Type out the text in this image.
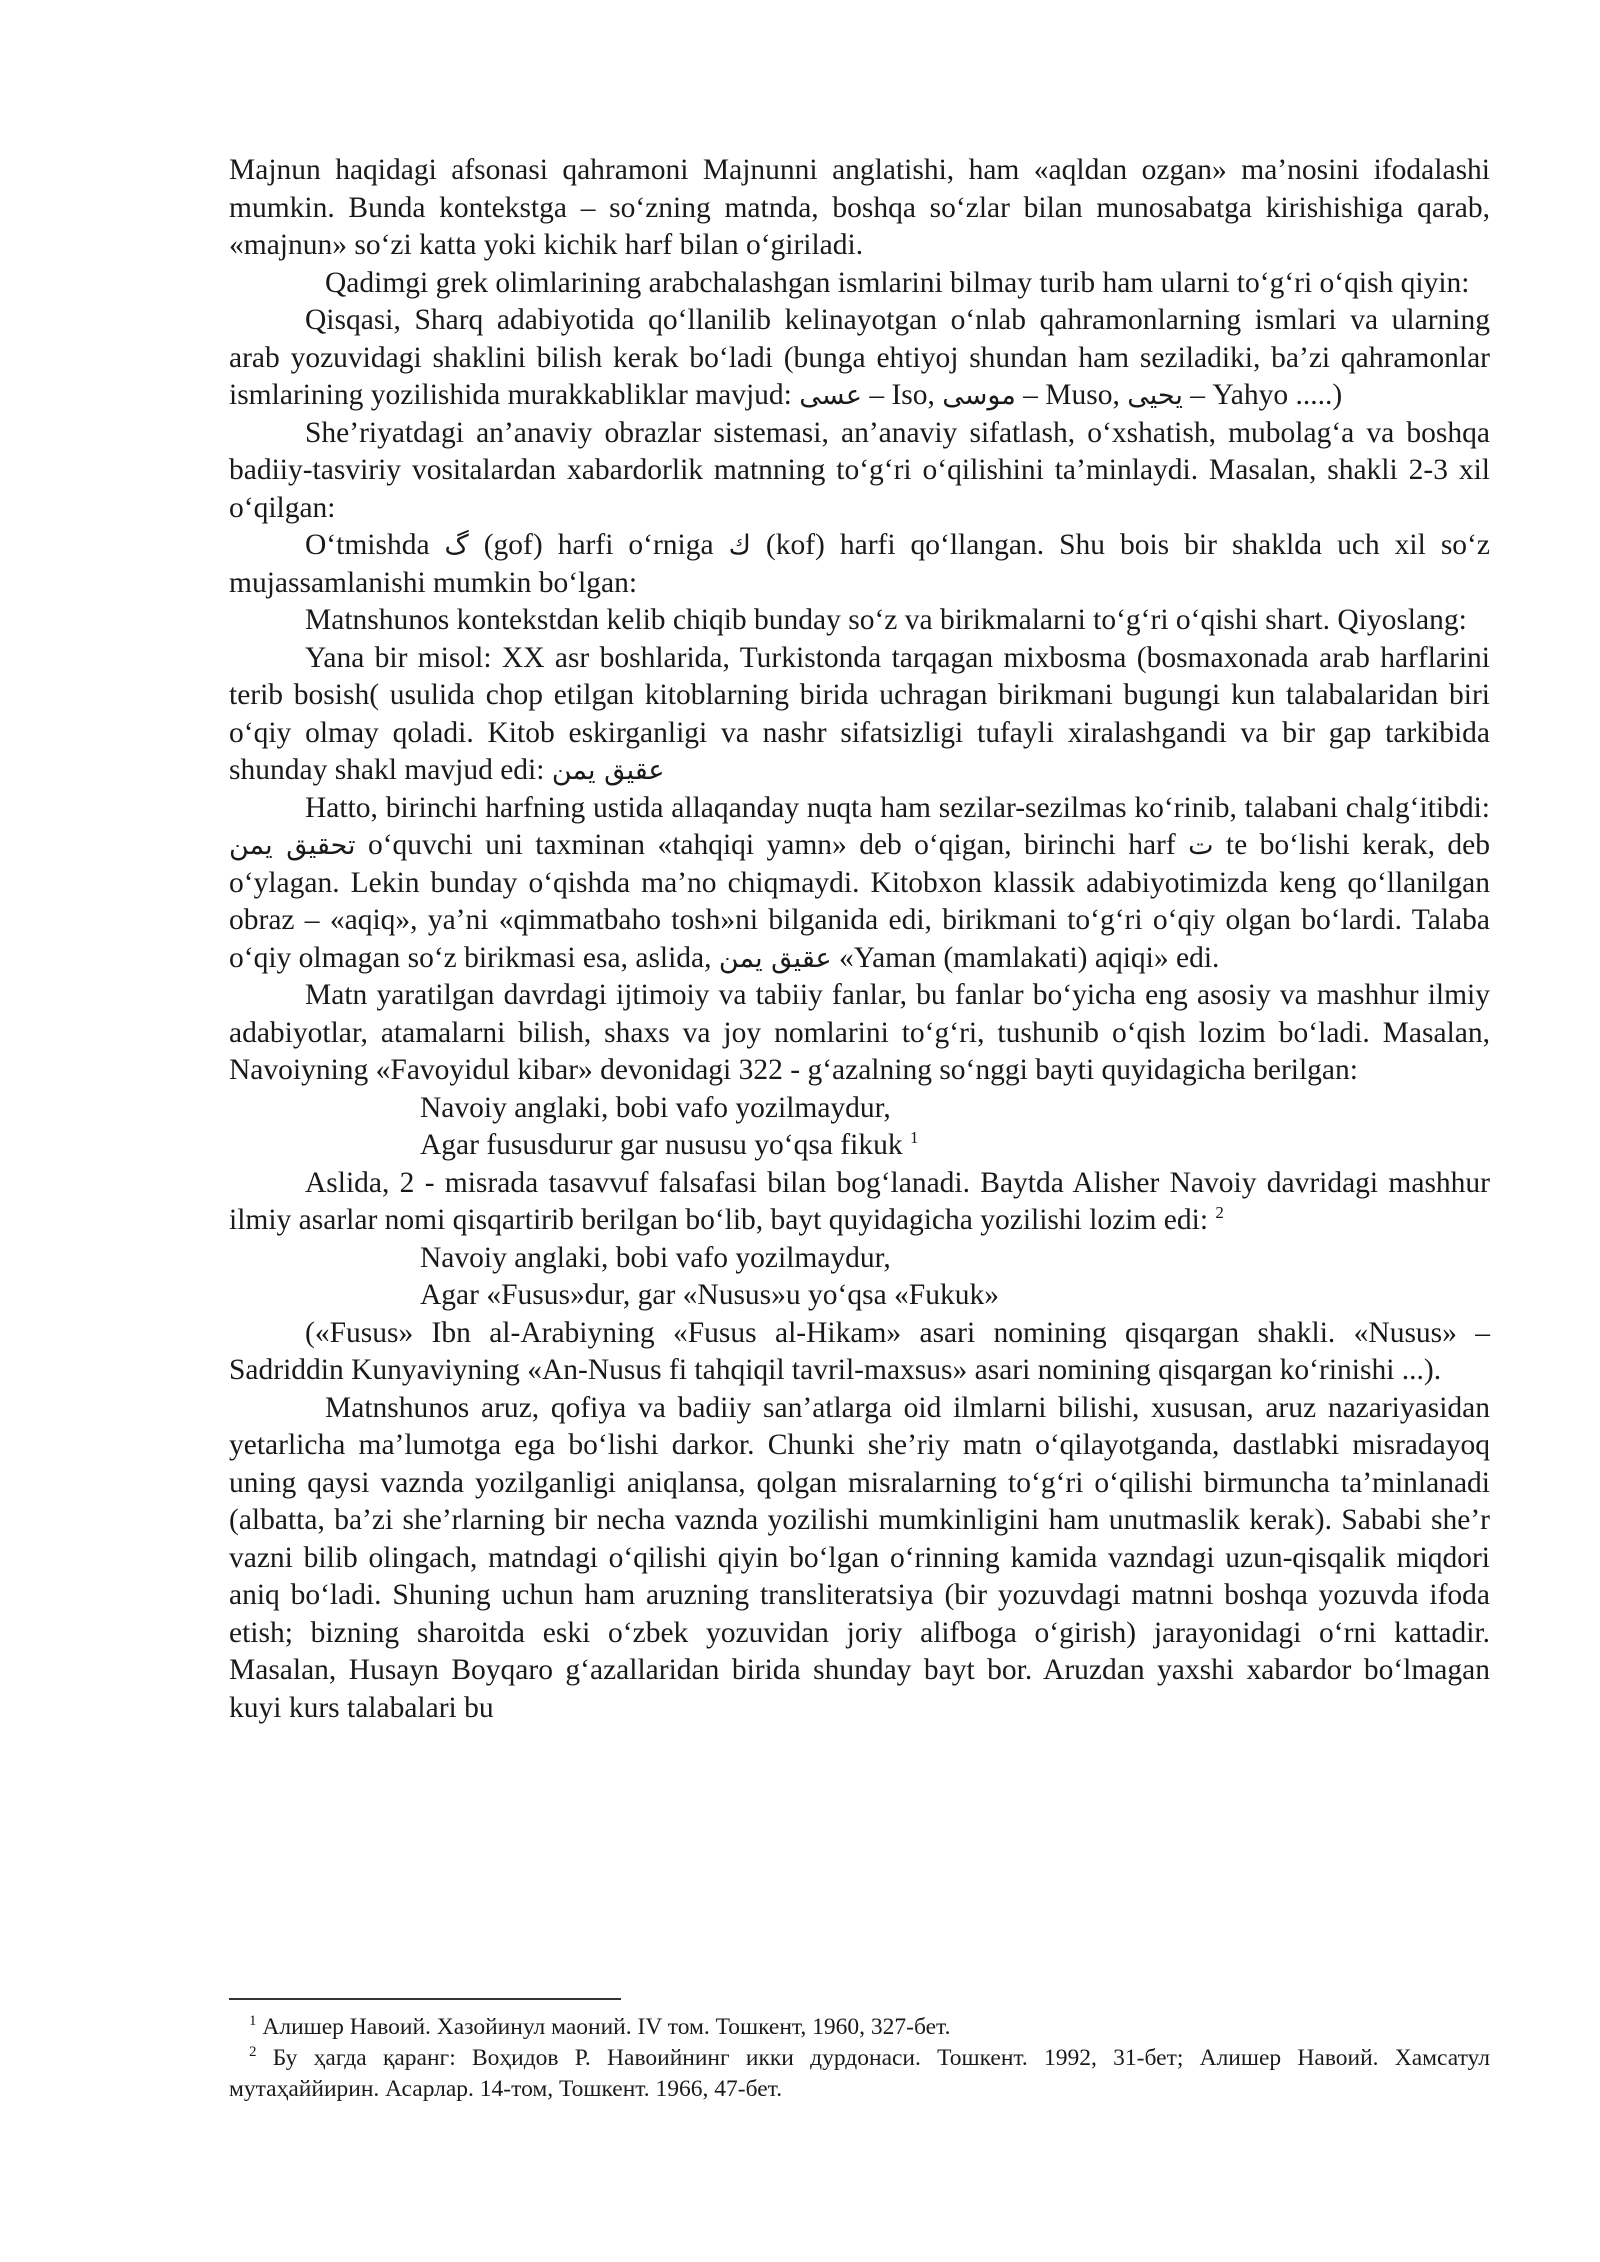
Majnun haqidagi afsonasi qahramoni Majnunni anglatishi, ham «aqldan ozgan» ma’nosini ifodalashi mumkin. Bunda kontekstga – so‘zning matnda, boshqa so‘zlar bilan munosabatga kirishishiga qarab, «majnun» so‘zi katta yoki kichik harf bilan o‘giriladi.

Qadimgi grek olimlarining arabchalashgan ismlarini bilmay turib ham ularni to‘g‘ri o‘qish qiyin:

Qisqasi, Sharq adabiyotida qo‘llanilib kelinayotgan o‘nlab qahramonlarning ismlari va ularning arab yozuvidagi shaklini bilish kerak bo‘ladi (bunga ehtiyoj shundan ham seziladiki, ba’zi qahramonlar ismlarining yozilishida murakkabliklar mavjud: عسی – Iso, موسی – Muso, یحیی – Yahyo .....)

She’riyatdagi an’anaviy obrazlar sistemasi, an’anaviy sifatlash, o‘xshatish, mubolag‘a va boshqa badiiy-tasviriy vositalardan xabardorlik matnning to‘g‘ri o‘qilishini ta’minlaydi. Masalan, shakli 2-3 xil o‘qilgan:

O‘tmishda گ (gof) harfi o‘rniga ك (kof) harfi qo‘llangan. Shu bois bir shaklda uch xil so‘z mujassamlanishi mumkin bo‘lgan:

Matnshunos kontekstdan kelib chiqib bunday so‘z va birikmalarni to‘g‘ri o‘qishi shart. Qiyoslang:

Yana bir misol: XX asr boshlarida, Turkistonda tarqagan mixbosma (bosmaxonada arab harflarini terib bosish( usulida chop etilgan kitoblarning birida uchragan birikmani bugungi kun talabalaridan biri o‘qiy olmay qoladi. Kitob eskirganligi va nashr sifatsizligi tufayli xiralashgandi va bir gap tarkibida shunday shakl mavjud edi: عقیق یمن

Hatto, birinchi harfning ustida allaqanday nuqta ham sezilar-sezilmas ko‘rinib, talabani chalg‘itibdi: تحقیق یمن o‘quvchi uni taxminan «tahqiqi yamn» deb o‘qigan, birinchi harf ت te bo‘lishi kerak, deb o‘ylagan. Lekin bunday o‘qishda ma’no chiqmaydi. Kitobxon klassik adabiyotimizda keng qo‘llanilgan obraz – «aqiq», ya’ni «qimmatbaho tosh»ni bilganida edi, birikmani to‘g‘ri o‘qiy olgan bo‘lardi. Talaba o‘qiy olmagan so‘z birikmasi esa, aslida, عقیق یمن «Yaman (mamlakati) aqiqi» edi.

Matn yaratilgan davrdagi ijtimoiy va tabiiy fanlar, bu fanlar bo‘yicha eng asosiy va mashhur ilmiy adabiyotlar, atamalarni bilish, shaxs va joy nomlarini to‘g‘ri, tushunib o‘qish lozim bo‘ladi. Masalan, Navoiyning «Favoyidul kibar» devonidagi 322 - g‘azalning so‘nggi bayti quyidagicha berilgan:

Navoiy anglaki, bobi vafo yozilmaydur,

Agar fususdurur gar nususu yo‘qsa fikuk $^1$

Aslida, 2 - misrada tasavvuf falsafasi bilan bog‘lanadi. Baytda Alisher Navoiy davridagi mashhur ilmiy asarlar nomi qisqartirib berilgan bo‘lib, bayt quyidagicha yozilishi lozim edi: $^2$

Navoiy anglaki, bobi vafo yozilmaydur,

Agar «Fusus»dur, gar «Nusus»u yo‘qsa «Fukuk»

(«Fusus» Ibn al-Arabiyning «Fusus al-Hikam» asari nomining qisqargan shakli. «Nusus» – Sadriddin Kunyaviyning «An-Nusus fi tahqiqil tavril-maxsus» asari nomining qisqargan ko‘rinishi ...).

Matnshunos aruz, qofiya va badiiy san’atlarga oid ilmlarni bilishi, xususan, aruz nazariyasidan yetarlicha ma’lumotga ega bo‘lishi darkor. Chunki she’riy matn o‘qilayotganda, dastlabki misradayoq uning qaysi vaznda yozilganligi aniqlansa, qolgan misralarning to‘g‘ri o‘qilishi birmuncha ta’minlanadi (albatta, ba’zi she’rlarning bir necha vaznda yozilishi mumkinligini ham unutmaslik kerak). Sababi she’r vazni bilib olingach, matndagi o‘qilishi qiyin bo‘lgan o‘rinning kamida vazndagi uzun-qisqalik miqdori aniq bo‘ladi. Shuning uchun ham aruzning transliteratsiya (bir yozuvdagi matnni boshqa yozuvda ifoda etish; bizning sharoitda eski o‘zbek yozuvidan joriy alifboga o‘girish) jarayonidagi o‘rni kattadir. Masalan, Husayn Boyqaro g‘azallaridan birida shunday bayt bor. Aruzdan yaxshi xabardor bo‘lmagan kuyi kurs talabalari bu

$^1$ Алишер Навоий. Хазойинул маоний. IV том. Тошкент, 1960, 327-бет.

$^2$ Бу ҳагда қаранг: Воҳидов Р. Навоийнинг икки дурдонаси. Тошкент. 1992, 31-бет; Алишер Навоий. Хамсатул мутаҳаййирин. Асарлар. 14-том, Тошкент. 1966, 47-бет.
